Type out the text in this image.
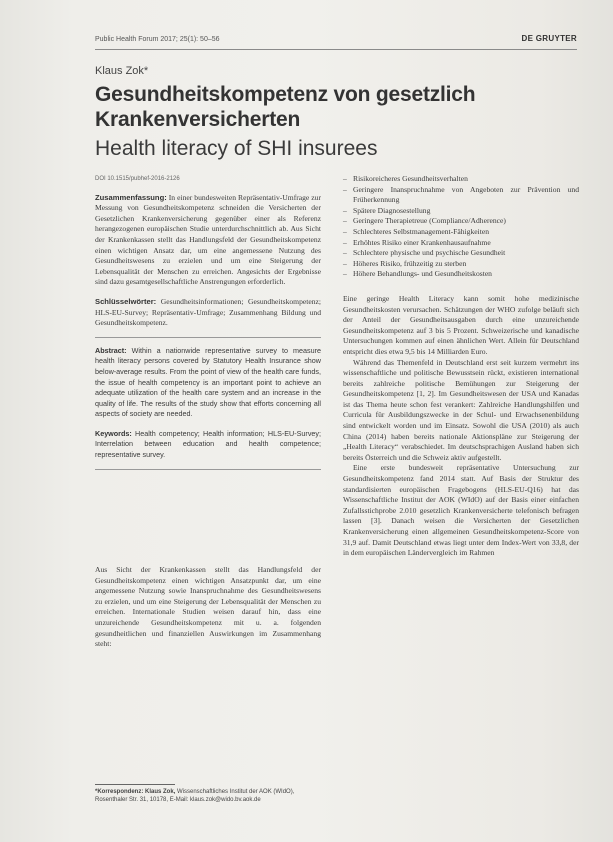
Public Health Forum 2017; 25(1): 50–56	DE GRUYTER
Klaus Zok*
Gesundheitskompetenz von gesetzlich Krankenversicherten
Health literacy of SHI insurees
DOI 10.1515/pubhef-2016-2126

Zusammenfassung: In einer bundesweiten Repräsentativ-Umfrage zur Messung von Gesundheitskompetenz schneiden die Versicherten der Gesetzlichen Krankenversicherung gegenüber einer als Referenz herangezogenen europäischen Studie unterdurchschnittlich ab. Aus Sicht der Krankenkassen stellt das Handlungsfeld der Gesundheitskompetenz einen wichtigen Ansatz dar, um eine angemessene Nutzung des Gesundheitswesens zu erzielen und um eine Steigerung der Lebensqualität der Menschen zu erreichen. Angesichts der Ergebnisse sind dazu gesamtgesellschaftliche Anstrengungen erforderlich.

Schlüsselwörter: Gesundheitsinformationen; Gesundheitskompetenz; HLS-EU-Survey; Repräsentativ-Umfrage; Zusammenhang Bildung und Gesundheitskompetenz.

Abstract: Within a nationwide representative survey to measure health literacy persons covered by Statutory Health Insurance show below-average results. From the point of view of the health care funds, the issue of health competency is an important point to achieve an adequate utilization of the health care system and an increase in the quality of life. The results of the study show that efforts concerning all aspects of society are needed.

Keywords: Health competency; Health information; HLS-EU-Survey; Interrelation between education and health competence; representative survey.

Aus Sicht der Krankenkassen stellt das Handlungsfeld der Gesundheitskompetenz einen wichtigen Ansatzpunkt dar, um eine angemessene Nutzung sowie Inanspruchnahme des Gesundheitswesens zu erzielen, und um eine Steigerung der Lebensqualität der Menschen zu erreichen. Internationale Studien weisen darauf hin, dass eine unzureichende Gesundheitskompetenz mit u. a. folgenden gesundheitlichen und finanziellen Auswirkungen im Zusammenhang steht:
– Risikoreicheres Gesundheitsverhalten
– Geringere Inanspruchnahme von Angeboten zur Prävention und Früherkennung
– Spätere Diagnosestellung
– Geringere Therapietreue (Compliance/Adherence)
– Schlechteres Selbstmanagement-Fähigkeiten
– Erhöhtes Risiko einer Krankenhausaufnahme
– Schlechtere physische und psychische Gesundheit
– Höheres Risiko, frühzeitig zu sterben
– Höhere Behandlungs- und Gesundheitskosten

Eine geringe Health Literacy kann somit hohe medizinische Gesundheitskosten verursachen. Schätzungen der WHO zufolge beläuft sich der Anteil der Gesundheitsausgaben durch eine unzureichende Gesundheitskompetenz auf 3 bis 5 Prozent. Schweizerische und kanadische Untersuchungen kommen auf einen ähnlichen Wert. Allein für Deutschland entspricht dies etwa 9,5 bis 14 Milliarden Euro.

Während das Themenfeld in Deutschland erst seit kurzem vermehrt ins wissenschaftliche und politische Bewusstsein rückt, existieren international bereits zahlreiche politische Bemühungen zur Steigerung der Gesundheitskompetenz [1, 2]. Im Gesundheitswesen der USA und Kanadas ist das Thema heute schon fest verankert: Zahlreiche Handlungshilfen und Curricula für Ausbildungszwecke in der Schul- und Erwachsenenbildung sind entwickelt worden und im Einsatz. Sowohl die USA (2010) als auch China (2014) haben bereits nationale Aktionspläne zur Steigerung der „Health Literacy“ verabschiedet. Im deutschsprachigen Ausland haben sich bereits Österreich und die Schweiz aktiv aufgestellt.

Eine erste bundesweit repräsentative Untersuchung zur Gesundheitskompetenz fand 2014 statt. Auf Basis der Struktur des standardisierten europäischen Fragebogens (HLS-EU-Q16) hat das Wissenschaftliche Institut der AOK (WIdO) auf der Basis einer einfachen Zufallsstichprobe 2.010 gesetzlich Krankenversicherte telefonisch befragen lassen [3]. Danach weisen die Versicherten der Gesetzlichen Krankenversicherung einen allgemeinen Gesundheitskompetenz-Score von 31,9 auf. Damit Deutschland etwas liegt unter dem Index-Wert von 33,8, der in dem europäischen Ländervergleich im Rahmen

*Korrespondenz: Klaus Zok, Wissenschaftliches Institut der AOK (WIdO), Rosenthaler Str. 31, 10178, E-Mail: klaus.zok@wido.bv.aok.de
